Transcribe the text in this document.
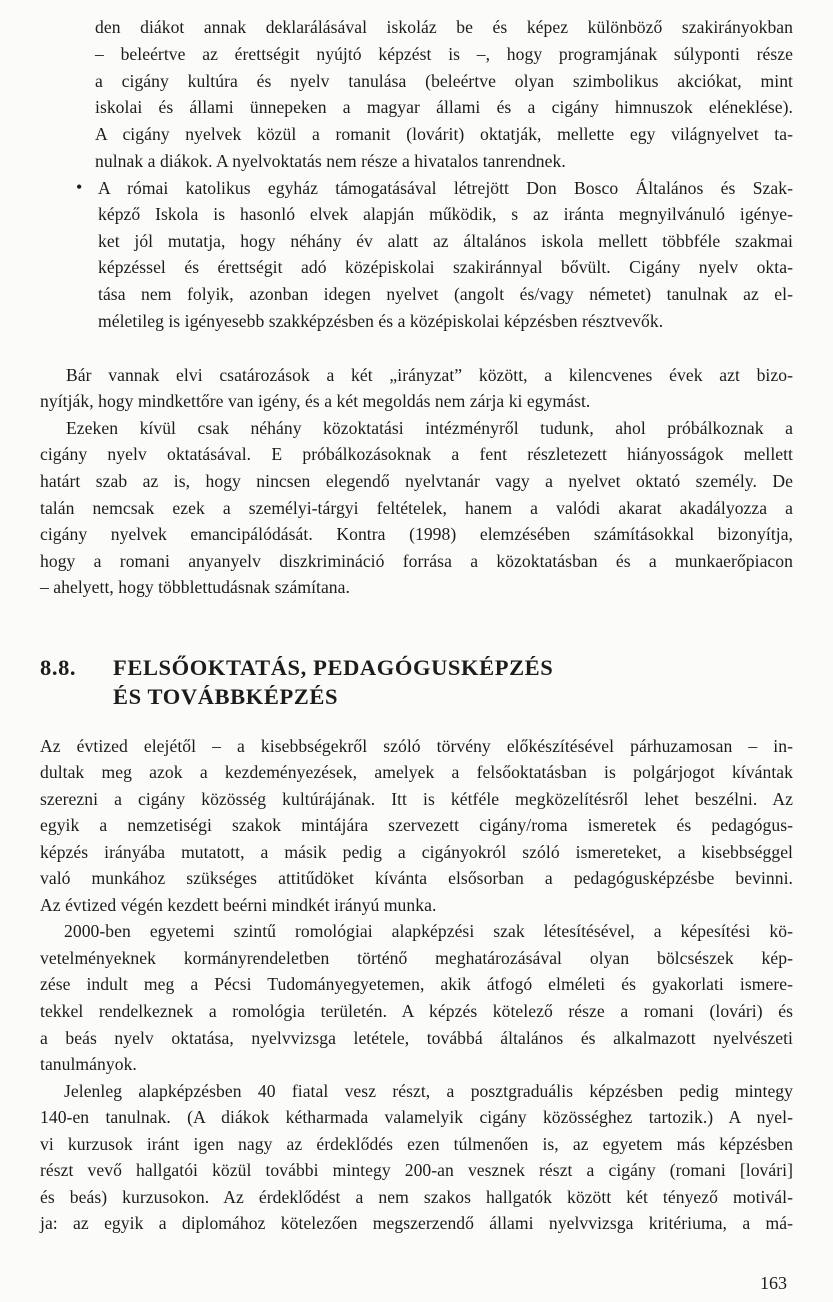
den diákot annak deklarálásával iskoláz be és képez különböző szakirányokban
– beleértve az érettségit nyújtó képzést is –, hogy programjának súlyponti része
a cigány kultúra és nyelv tanulása (beleértve olyan szimbolikus akciókat, mint
iskolai és állami ünnepeken a magyar állami és a cigány himnuszok eléneklése).
A cigány nyelvek közül a romanit (lovárit) oktatják, mellette egy világnyelvet ta-
nulnak a diákok. A nyelvoktatás nem része a hivatalos tanrendnek.
• A római katolikus egyház támogatásával létrejött Don Bosco Általános és Szak-
képző Iskola is hasonló elvek alapján működik, s az iránta megnyilvánuló igénye-
ket jól mutatja, hogy néhány év alatt az általános iskola mellett többféle szakmai
képzéssel és érettségit adó középiskolai szakiránnyal bővült. Cigány nyelv okta-
tása nem folyik, azonban idegen nyelvet (angolt és/vagy németet) tanulnak az el-
méletileg is igényesebb szakképzésben és a középiskolai képzésben résztvevők.
Bár vannak elvi csatározások a két „irányzat” között, a kilencvenes évek azt bizo-
nyítják, hogy mindkettőre van igény, és a két megoldás nem zárja ki egymást.
Ezeken kívül csak néhány közoktatási intézményről tudunk, ahol próbálkoznak a
cigány nyelv oktatásával. E próbálkozásoknak a fent részletezett hiányosságok mellett
határt szab az is, hogy nincsen elegendő nyelvtanár vagy a nyelvet oktató személy. De
talán nemcsak ezek a személyi-tárgyi feltételek, hanem a valódi akarat akadályozza a
cigány nyelvek emancipálódását. Kontra (1998) elemzésében számításokkal bizonyítja,
hogy a romani anyanyelv diszkrimináció forrása a közoktatásban és a munkaerőpiacon
– ahelyett, hogy többlettudásnak számítana.
8.8. FELSŐOKTATÁS, PEDAGÓGUSKÉPZÉS
ÉS TOVÁBBKÉPZÉS
Az évtized elejétől – a kisebbségekről szóló törvény előkészítésével párhuzamosan – in-
dultak meg azok a kezdeményezések, amelyek a felsőoktatásban is polgárjogot kívántak
szerezni a cigány közösség kultúrájának. Itt is kétféle megközelítésről lehet beszélni. Az
egyik a nemzetiségi szakok mintájára szervezett cigány/roma ismeretek és pedagógus-
képzés irányába mutatott, a másik pedig a cigányokról szóló ismereteket, a kisebbséggel
való munkához szükséges attitűdöket kívánta elsősorban a pedagógusképzésbe bevinni.
Az évtized végén kezdett beérni mindkét irányú munka.
2000-ben egyetemi szintű romológiai alapképzési szak létesítésével, a képesítési kö-
vetelményeknek kormányrendeletben történő meghatározásával olyan bölcsészek kép-
zése indult meg a Pécsi Tudományegyetemen, akik átfogó elméleti és gyakorlati ismere-
tekkel rendelkeznek a romológia területén. A képzés kötelező része a romani (lovári) és
a beás nyelv oktatása, nyelvvizsga letétele, továbbá általános és alkalmazott nyelvészeti
tanulmányok.
Jelenleg alapképzésben 40 fiatal vesz részt, a posztgraduális képzésben pedig mintegy
140-en tanulnak. (A diákok kétharmada valamelyik cigány közösséghez tartozik.) A nyel-
vi kurzusok iránt igen nagy az érdeklődés ezen túlmenően is, az egyetem más képzésben
részt vevő hallgatói közül további mintegy 200-an vesznek részt a cigány (romani [lovári]
és beás) kurzusokon. Az érdeklődést a nem szakos hallgatók között két tényező motivál-
ja: az egyik a diplomához kötelezően megszerzendő állami nyelvvizsga kritériuma, a má-
163
